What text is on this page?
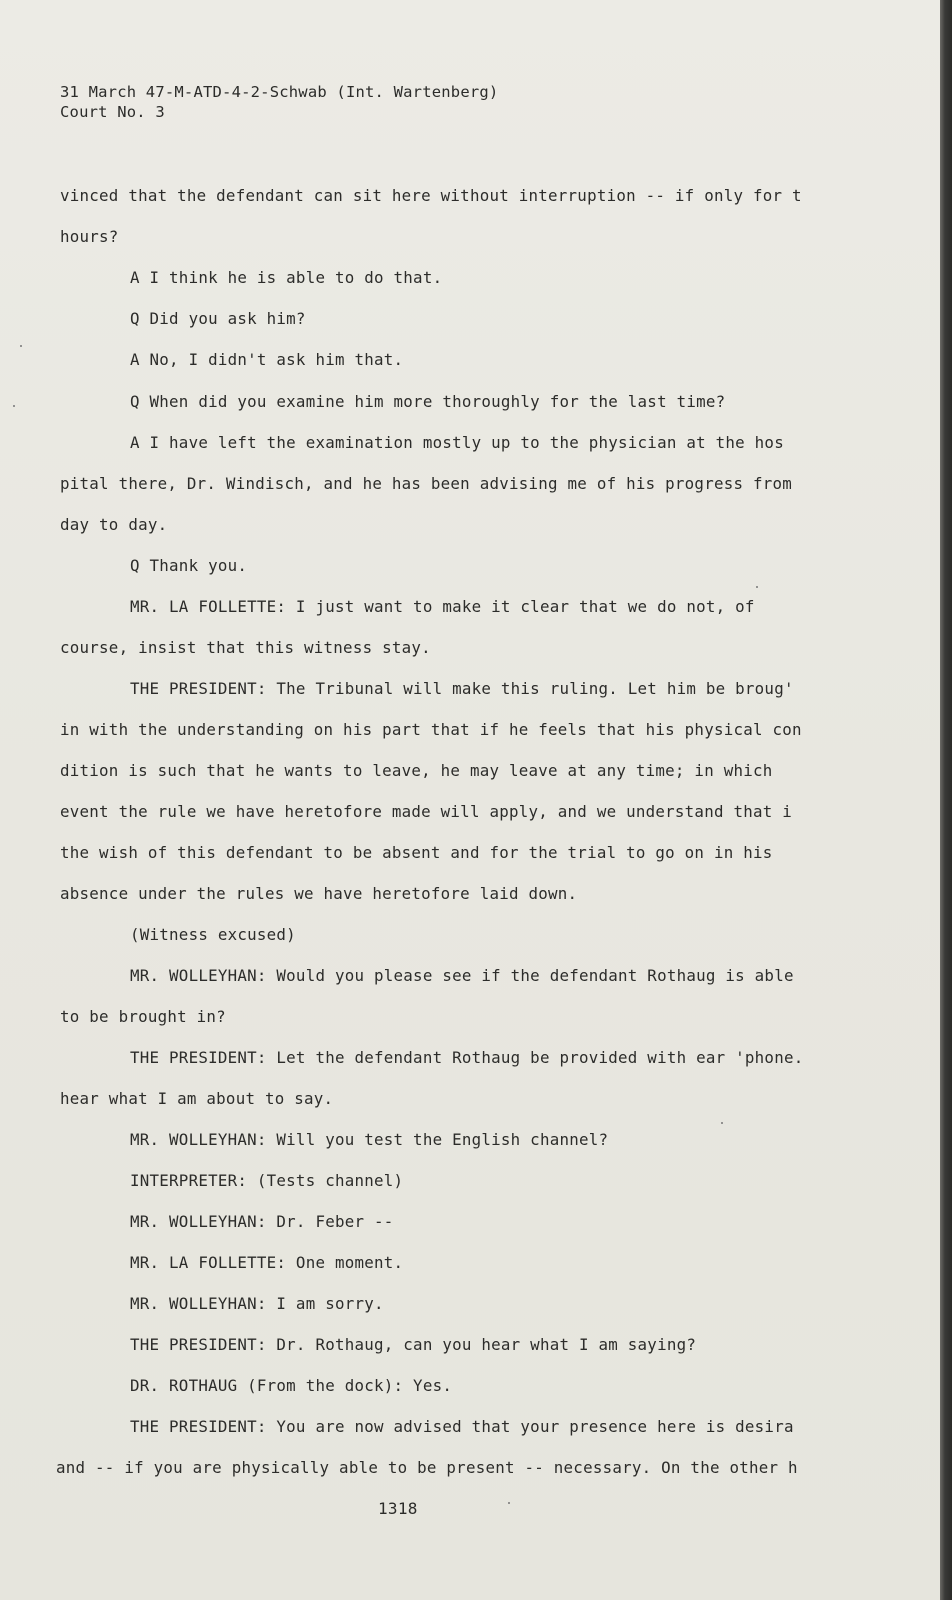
31 March 47-M-ATD-4-2-Schwab (Int. Wartenberg)
Court No. 3
vinced that the defendant can sit here without interruption -- if only for t
hours?
A I think he is able to do that.
Q Did you ask him?
A No, I didn't ask him that.
Q When did you examine him more thoroughly for the last time?
A I have left the examination mostly up to the physician at the hos
pital there, Dr. Windisch, and he has been advising me of his progress from
day to day.
Q Thank you.
MR. LA FOLLETTE: I just want to make it clear that we do not, of
course, insist that this witness stay.
THE PRESIDENT: The Tribunal will make this ruling. Let him be broug'
in with the understanding on his part that if he feels that his physical con
dition is such that he wants to leave, he may leave at any time; in which
event the rule we have heretofore made will apply, and we understand that i
the wish of this defendant to be absent and for the trial to go on in his
absence under the rules we have heretofore laid down.
(Witness excused)
MR. WOLLEYHAN: Would you please see if the defendant Rothaug is able
to be brought in?
THE PRESIDENT: Let the defendant Rothaug be provided with ear 'phone.
hear what I am about to say.
MR. WOLLEYHAN: Will you test the English channel?
INTERPRETER: (Tests channel)
MR. WOLLEYHAN: Dr. Feber --
MR. LA FOLLETTE: One moment.
MR. WOLLEYHAN: I am sorry.
THE PRESIDENT: Dr. Rothaug, can you hear what I am saying?
DR. ROTHAUG (From the dock): Yes.
THE PRESIDENT: You are now advised that your presence here is desira
and -- if you are physically able to be present -- necessary. On the other h
1318
